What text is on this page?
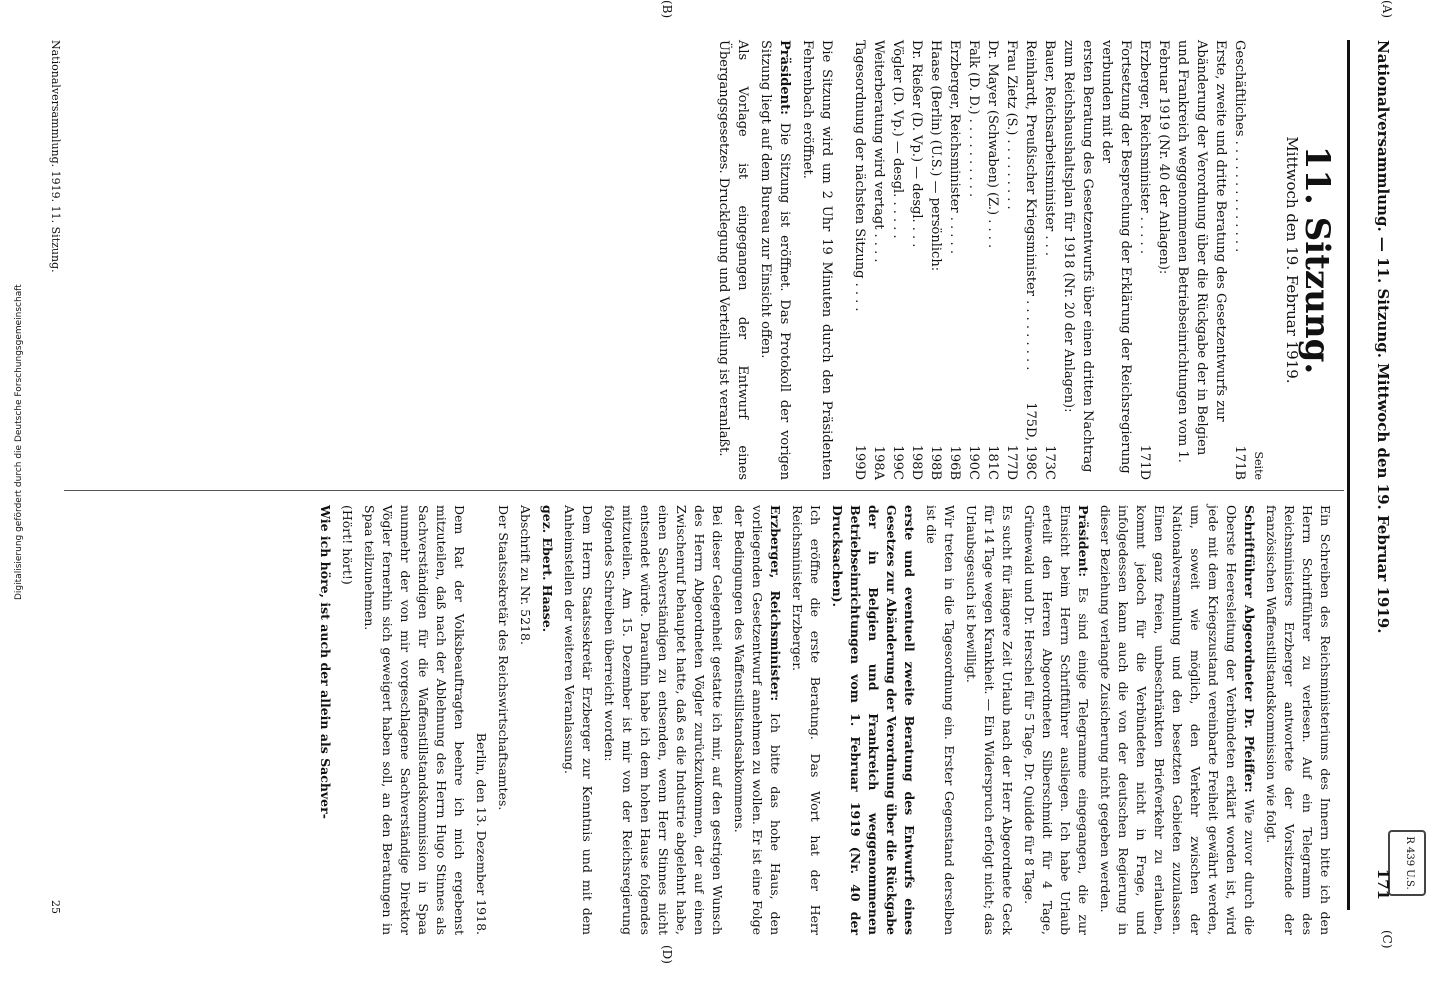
R 439 U.S.
Nationalversammlung. — 11. Sitzung. Mittwoch den 19. Februar 1919.
171
(A)
(C)
11. Sitzung.
Mittwoch den 19. Februar 1919.
Seite
Geschäftliches . . . . . . . . . . . . . .
171B
Erste, zweite und dritte Beratung des Gesetzentwurfs zur Abänderung der Verordnung über die Rückgabe der in Belgien und Frankreich weggenommenen Betriebseinrichtungen vom 1. Februar 1919 (Nr. 40 der Anlagen):
Erzberger, Reichsminister . . . . .
171D
Fortsetzung der Besprechung der Erklärung der Reichsregierung
verbunden mit der
ersten Beratung des Gesetzentwurfs über einen dritten Nachtrag zum Reichshaushaltsplan für 1918 (Nr. 20 der Anlagen):
Bauer, Reichsarbeitsminister . . .
173C
Reinhardt, Preußischer Kriegsminister . . . . . . . . .
175D, 198C
Frau Zietz (S.) . . . . . . . . .
177D
Dr. Mayer (Schwaben) (Z.) . . . .
181C
Falk (D. D.) . . . . . . . . . .
190C
Erzberger, Reichsminister . . . . .
196B
Haase (Berlin) (U.S.) — persönlich:
198B
Dr. Rießer (D. Vp.) — desgl. . . .
198D
Vögler (D. Vp.) — desgl. . . . . .
199C
Weiterberatung wird vertagt . . . .
198A
Tagesordnung der nächsten Sitzung . . . .
199D

Die Sitzung wird um 2 Uhr 19 Minuten durch den Präsidenten Fehrenbach eröffnet.

Präsident: Die Sitzung ist eröffnet. Das Protokoll der vorigen Sitzung liegt auf dem Bureau zur Einsicht offen.

Als Vorlage ist eingegangen der Entwurf eines Übergangsgesetzes. Drucklegung und Verteilung ist veranlaßt.

(B)
Nationalversammlung. 1919. 11. Sitzung.

Ein Schreiben des Reichsministeriums des Innern bitte ich den Herrn Schriftführer zu verlesen. Auf ein Telegramm des Reichsministers Erzberger antwortete der Vorsitzende der französischen Waffenstillstandskommission wie folgt.

Schriftführer Abgeordneter Dr. Pfeiffer: Wie zuvor durch die Oberste Heeresleitung der Verbündeten erklärt worden ist, wird jede mit dem Kriegszustand vereinbarte Freiheit gewährt werden, um, soweit wie möglich, den Verkehr zwischen der Nationalversammlung und den besetzten Gebieten zuzulassen. Einen ganz freien, unbeschränkten Briefverkehr zu erlauben, kommt jedoch für die Verbündeten nicht in Frage, und infolgedessen kann auch die von der deutschen Regierung in dieser Beziehung verlangte Zusicherung nicht gegeben werden.

Präsident: Es sind einige Telegramme eingegangen, die zur Einsicht beim Herrn Schriftführer ausliegen. Ich habe Urlaub erteilt den Herren Abgeordneten Silberschmidt für 4 Tage, Grünewald und Dr. Herschel für 5 Tage, Dr. Quidde für 8 Tage.

Es sucht für längere Zeit Urlaub nach der Herr Abgeordnete Geck für 14 Tage wegen Krankheit. — Ein Widerspruch erfolgt nicht; das Urlaubsgesuch ist bewilligt.

Wir treten in die Tagesordnung ein. Erster Gegenstand derselben ist die

erste und eventuell zweite Beratung des Entwurfs eines Gesetzes zur Abänderung der Verordnung über die Rückgabe der in Belgien und Frankreich weggenommenen Betriebseinrichtungen vom 1. Februar 1919 (Nr. 40 der Drucksachen).

Ich eröffne die erste Beratung. Das Wort hat der Herr Reichsminister Erzberger.

Erzberger, Reichsminister: Ich bitte das hohe Haus, den vorliegenden Gesetzentwurf annehmen zu wollen. Er ist eine Folge der Bedingungen des Waffenstillstandsabkommens.

Bei dieser Gelegenheit gestatte ich mir, auf den gestrigen Wunsch des Herrn Abgeordneten Vögler zurückzukommen, der auf einen Zwischenruf behauptet hatte, daß es die Industrie abgelehnt habe, einen Sachverständigen zu entsenden, wenn Herr Stinnes nicht entsendet würde. Daraufhin habe ich dem hohen Hause folgendes mitzuteilen. Am 15. Dezember ist mir von der Reichsregierung folgendes Schreiben überreicht worden:

Dem Herrn Staatssekretär Erzberger zur Kenntnis und mit dem Anheimstellen der weiteren Veranlassung.

gez. Ebert. Haase.

Abschrift zu Nr. 5218.

Der Staatssekretär des Reichswirtschaftsamtes.

Berlin, den 13. Dezember 1918.

Dem Rat der Volksbeauftragten beehre ich mich ergebenst mitzuteilen, daß nach der Ablehnung des Herrn Hugo Stinnes als Sachverständigen für die Waffenstillstandskommission in Spaa nunmehr der von mir vorgeschlagene Sachverständige Direktor Vögler fernerhin sich geweigert haben soll, an den Beratungen in Spaa teilzunehmen.

(Hört! hört!)

Wie ich höre, ist auch der allein als Sachver-

(D)
25
Digitalisierung gefördert durch die Deutsche Forschungsgemeinschaft
